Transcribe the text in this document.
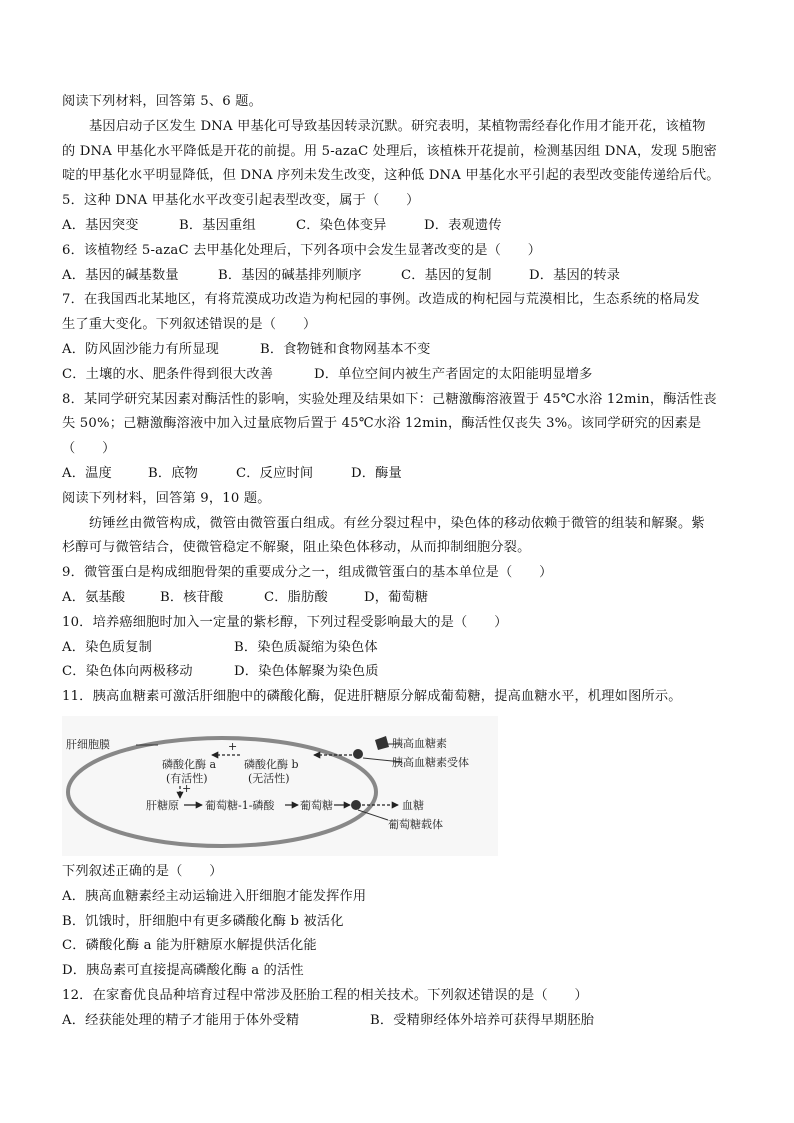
阅读下列材料，回答第 5、6 题。
基因启动子区发生 DNA 甲基化可导致基因转录沉默。研究表明，某植物需经春化作用才能开花，该植物
的 DNA 甲基化水平降低是开花的前提。用 5-azaC 处理后，该植株开花提前，检测基因组 DNA，发现 5胞密
啶的甲基化水平明显降低，但 DNA 序列未发生改变，这种低 DNA 甲基化水平引起的表型改变能传递给后代。
5．这种 DNA 甲基化水平改变引起表型改变，属于（　　）
A．基因突变	B．基因重组	C．染色体变异	D．表观遗传
6．该植物经 5-azaC 去甲基化处理后，下列各项中会发生显著改变的是（　　）
A．基因的碱基数量	B．基因的碱基排列顺序	C．基因的复制	D．基因的转录
7．在我国西北某地区，有将荒漠成功改造为枸杞园的事例。改造成的枸杞园与荒漠相比，生态系统的格局发
生了重大变化。下列叙述错误的是（　　）
A．防风固沙能力有所显现	B．食物链和食物网基本不变
C．土壤的水、肥条件得到很大改善	D．单位空间内被生产者固定的太阳能明显增多
8．某同学研究某因素对酶活性的影响，实验处理及结果如下：己糖激酶溶液置于 45℃水浴 12min，酶活性丧
失 50%；己糖激酶溶液中加入过量底物后置于 45℃水浴 12min，酶活性仅丧失 3%。该同学研究的因素是
（　　）
A．温度	B．底物	C．反应时间	D．酶量
阅读下列材料，回答第 9，10 题。
纺锤丝由微管构成，微管由微管蛋白组成。有丝分裂过程中，染色体的移动依赖于微管的组装和解聚。紫
杉醇可与微管结合，使微管稳定不解聚，阻止染色体移动，从而抑制细胞分裂。
9．微管蛋白是构成细胞骨架的重要成分之一，组成微管蛋白的基本单位是（　　）
A．氨基酸	B．核苷酸	C．脂肪酸	D，葡萄糖
10．培养癌细胞时加入一定量的紫杉醇，下列过程受影响最大的是（　　）
A．染色质复制	B．染色质凝缩为染色体
C．染色体向两极移动	D．染色体解聚为染色质
11．胰高血糖素可激活肝细胞中的磷酸化酶，促进肝糖原分解成葡萄糖，提高血糖水平，机理如图所示。
肝细胞膜	胰高血糖素
胰高血糖素受体
+
磷酸化酶 a
(有活性)
磷酸化酶 b
(无活性)
+
肝糖原 葡萄糖-1-磷酸 葡萄糖	血糖
葡萄糖载体
下列叙述正确的是（　　）
A．胰高血糖素经主动运输进入肝细胞才能发挥作用
B．饥饿时，肝细胞中有更多磷酸化酶 b 被活化
C．磷酸化酶 a 能为肝糖原水解提供活化能
D．胰岛素可直接提高磷酸化酶 a 的活性
12．在家畜优良品种培育过程中常涉及胚胎工程的相关技术。下列叙述错误的是（　　）
A．经获能处理的精子才能用于体外受精	B．受精卵经体外培养可获得早期胚胎
